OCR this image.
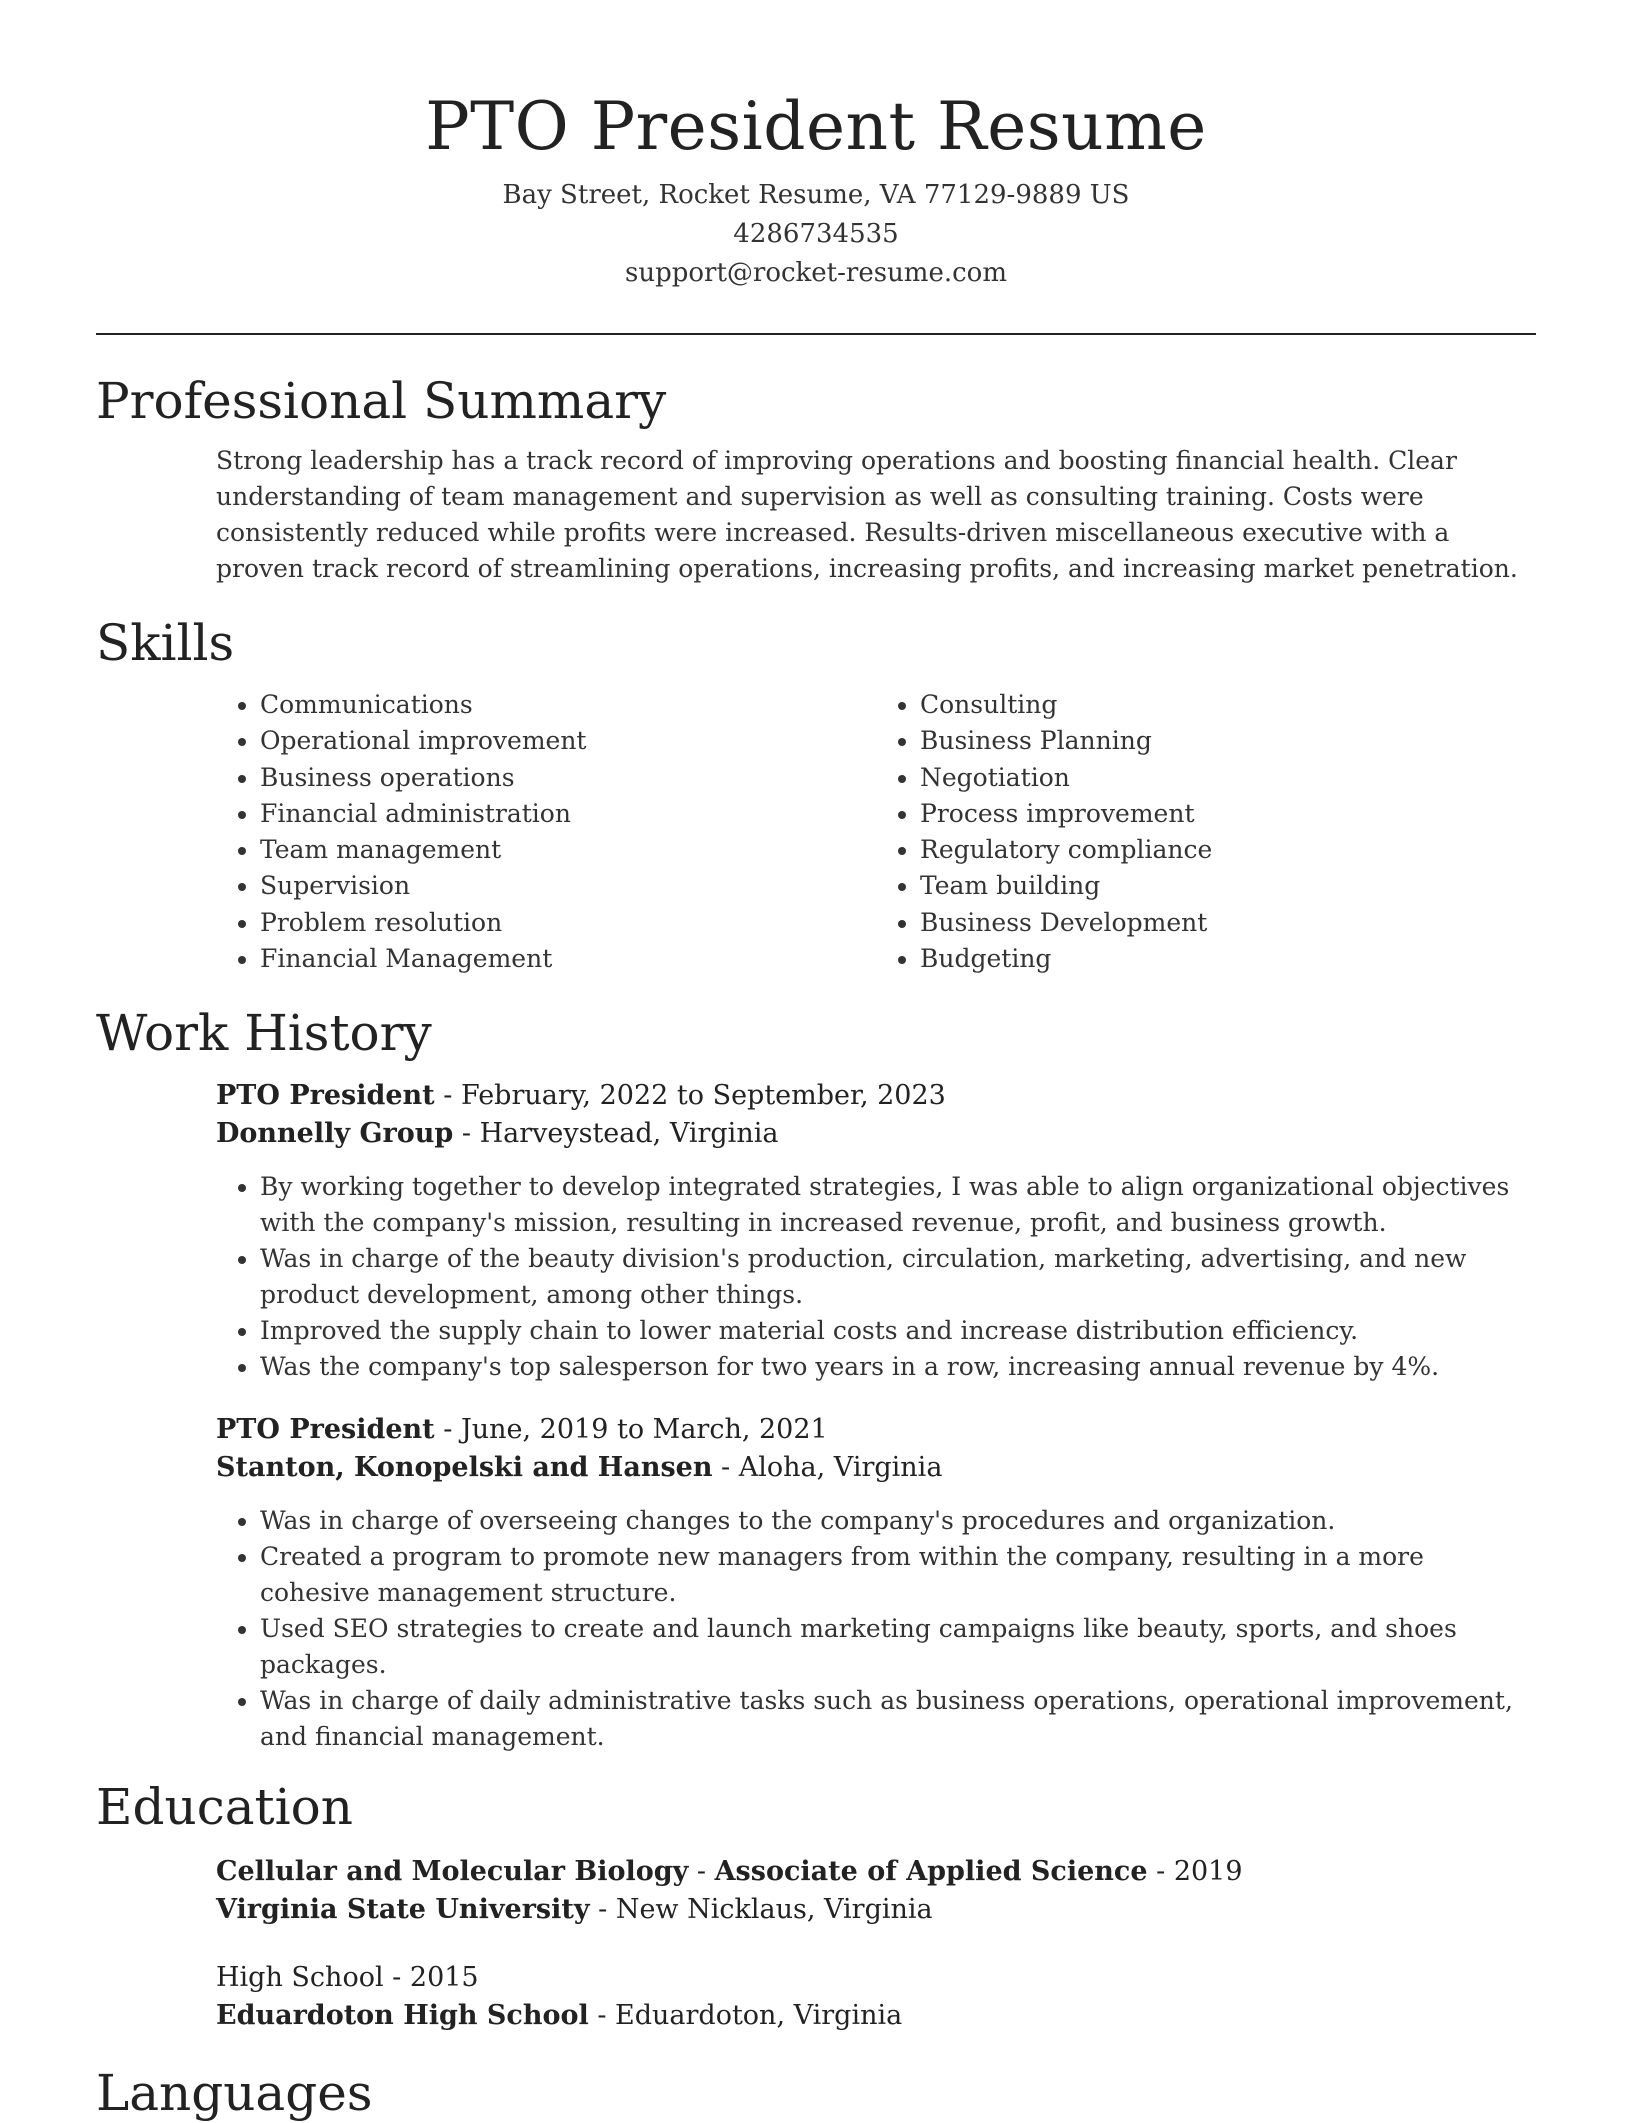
PTO President Resume
Bay Street, Rocket Resume, VA 77129-9889 US
4286734535
support@rocket-resume.com
Professional Summary
Strong leadership has a track record of improving operations and boosting financial health. Clear understanding of team management and supervision as well as consulting training. Costs were consistently reduced while profits were increased. Results-driven miscellaneous executive with a proven track record of streamlining operations, increasing profits, and increasing market penetration.
Skills
• Communications
• Operational improvement
• Business operations
• Financial administration
• Team management
• Supervision
• Problem resolution
• Financial Management
• Consulting
• Business Planning
• Negotiation
• Process improvement
• Regulatory compliance
• Team building
• Business Development
• Budgeting
Work History
PTO President - February, 2022 to September, 2023
Donnelly Group - Harveystead, Virginia
• By working together to develop integrated strategies, I was able to align organizational objectives with the company's mission, resulting in increased revenue, profit, and business growth.
• Was in charge of the beauty division's production, circulation, marketing, advertising, and new product development, among other things.
• Improved the supply chain to lower material costs and increase distribution efficiency.
• Was the company's top salesperson for two years in a row, increasing annual revenue by 4%.
PTO President - June, 2019 to March, 2021
Stanton, Konopelski and Hansen - Aloha, Virginia
• Was in charge of overseeing changes to the company's procedures and organization.
• Created a program to promote new managers from within the company, resulting in a more cohesive management structure.
• Used SEO strategies to create and launch marketing campaigns like beauty, sports, and shoes packages.
• Was in charge of daily administrative tasks such as business operations, operational improvement, and financial management.
Education
Cellular and Molecular Biology - Associate of Applied Science - 2019
Virginia State University - New Nicklaus, Virginia
High School - 2015
Eduardoton High School - Eduardoton, Virginia
Languages
